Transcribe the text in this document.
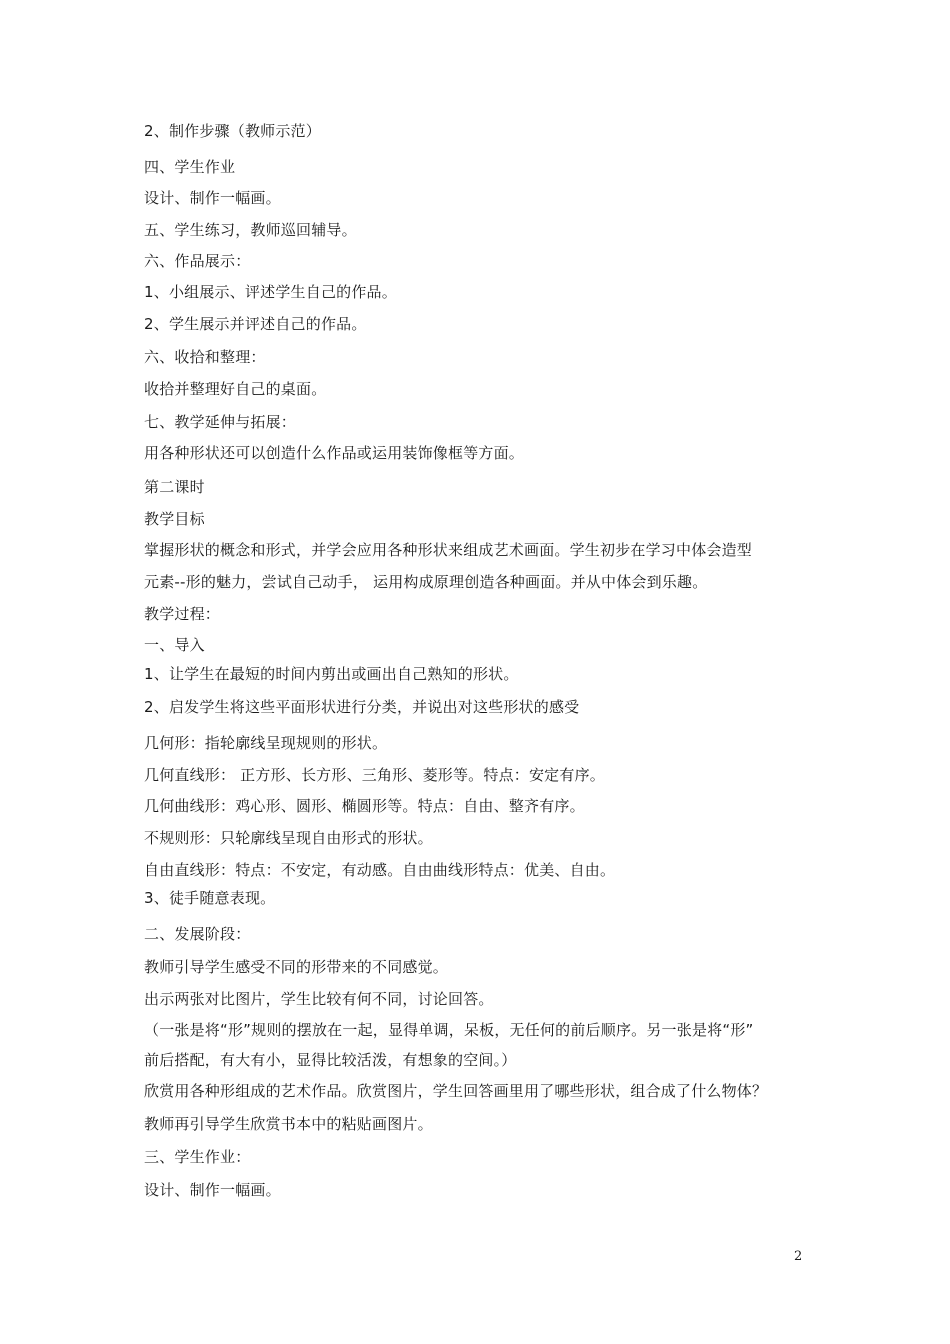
2、制作步骤（教师示范）
四、学生作业
设计、制作一幅画。
五、学生练习，教师巡回辅导。
六、作品展示：
1、小组展示、评述学生自己的作品。
2、学生展示并评述自己的作品。
六、收拾和整理：
收拾并整理好自己的桌面。
七、教学延伸与拓展：
用各种形状还可以创造什么作品或运用装饰像框等方面。
第二课时
教学目标
掌握形状的概念和形式，并学会应用各种形状来组成艺术画面。学生初步在学习中体会造型
元素--形的魅力，尝试自己动手， 运用构成原理创造各种画面。并从中体会到乐趣。
教学过程：
一、导入
1、让学生在最短的时间内剪出或画出自己熟知的形状。
2、启发学生将这些平面形状进行分类，并说出对这些形状的感受
几何形：指轮廓线呈现规则的形状。
几何直线形： 正方形、长方形、三角形、菱形等。特点：安定有序。
几何曲线形：鸡心形、圆形、椭圆形等。特点：自由、整齐有序。
不规则形：只轮廓线呈现自由形式的形状。
自由直线形：特点：不安定，有动感。自由曲线形特点：优美、自由。
3、徒手随意表现。
二、发展阶段：
教师引导学生感受不同的形带来的不同感觉。
出示两张对比图片，学生比较有何不同，讨论回答。
（一张是将“形”规则的摆放在一起，显得单调，呆板，无任何的前后顺序。另一张是将“形”
前后搭配，有大有小，显得比较活泼，有想象的空间。）
欣赏用各种形组成的艺术作品。欣赏图片，学生回答画里用了哪些形状，组合成了什么物体？
教师再引导学生欣赏书本中的粘贴画图片。
三、学生作业：
设计、制作一幅画。
2
